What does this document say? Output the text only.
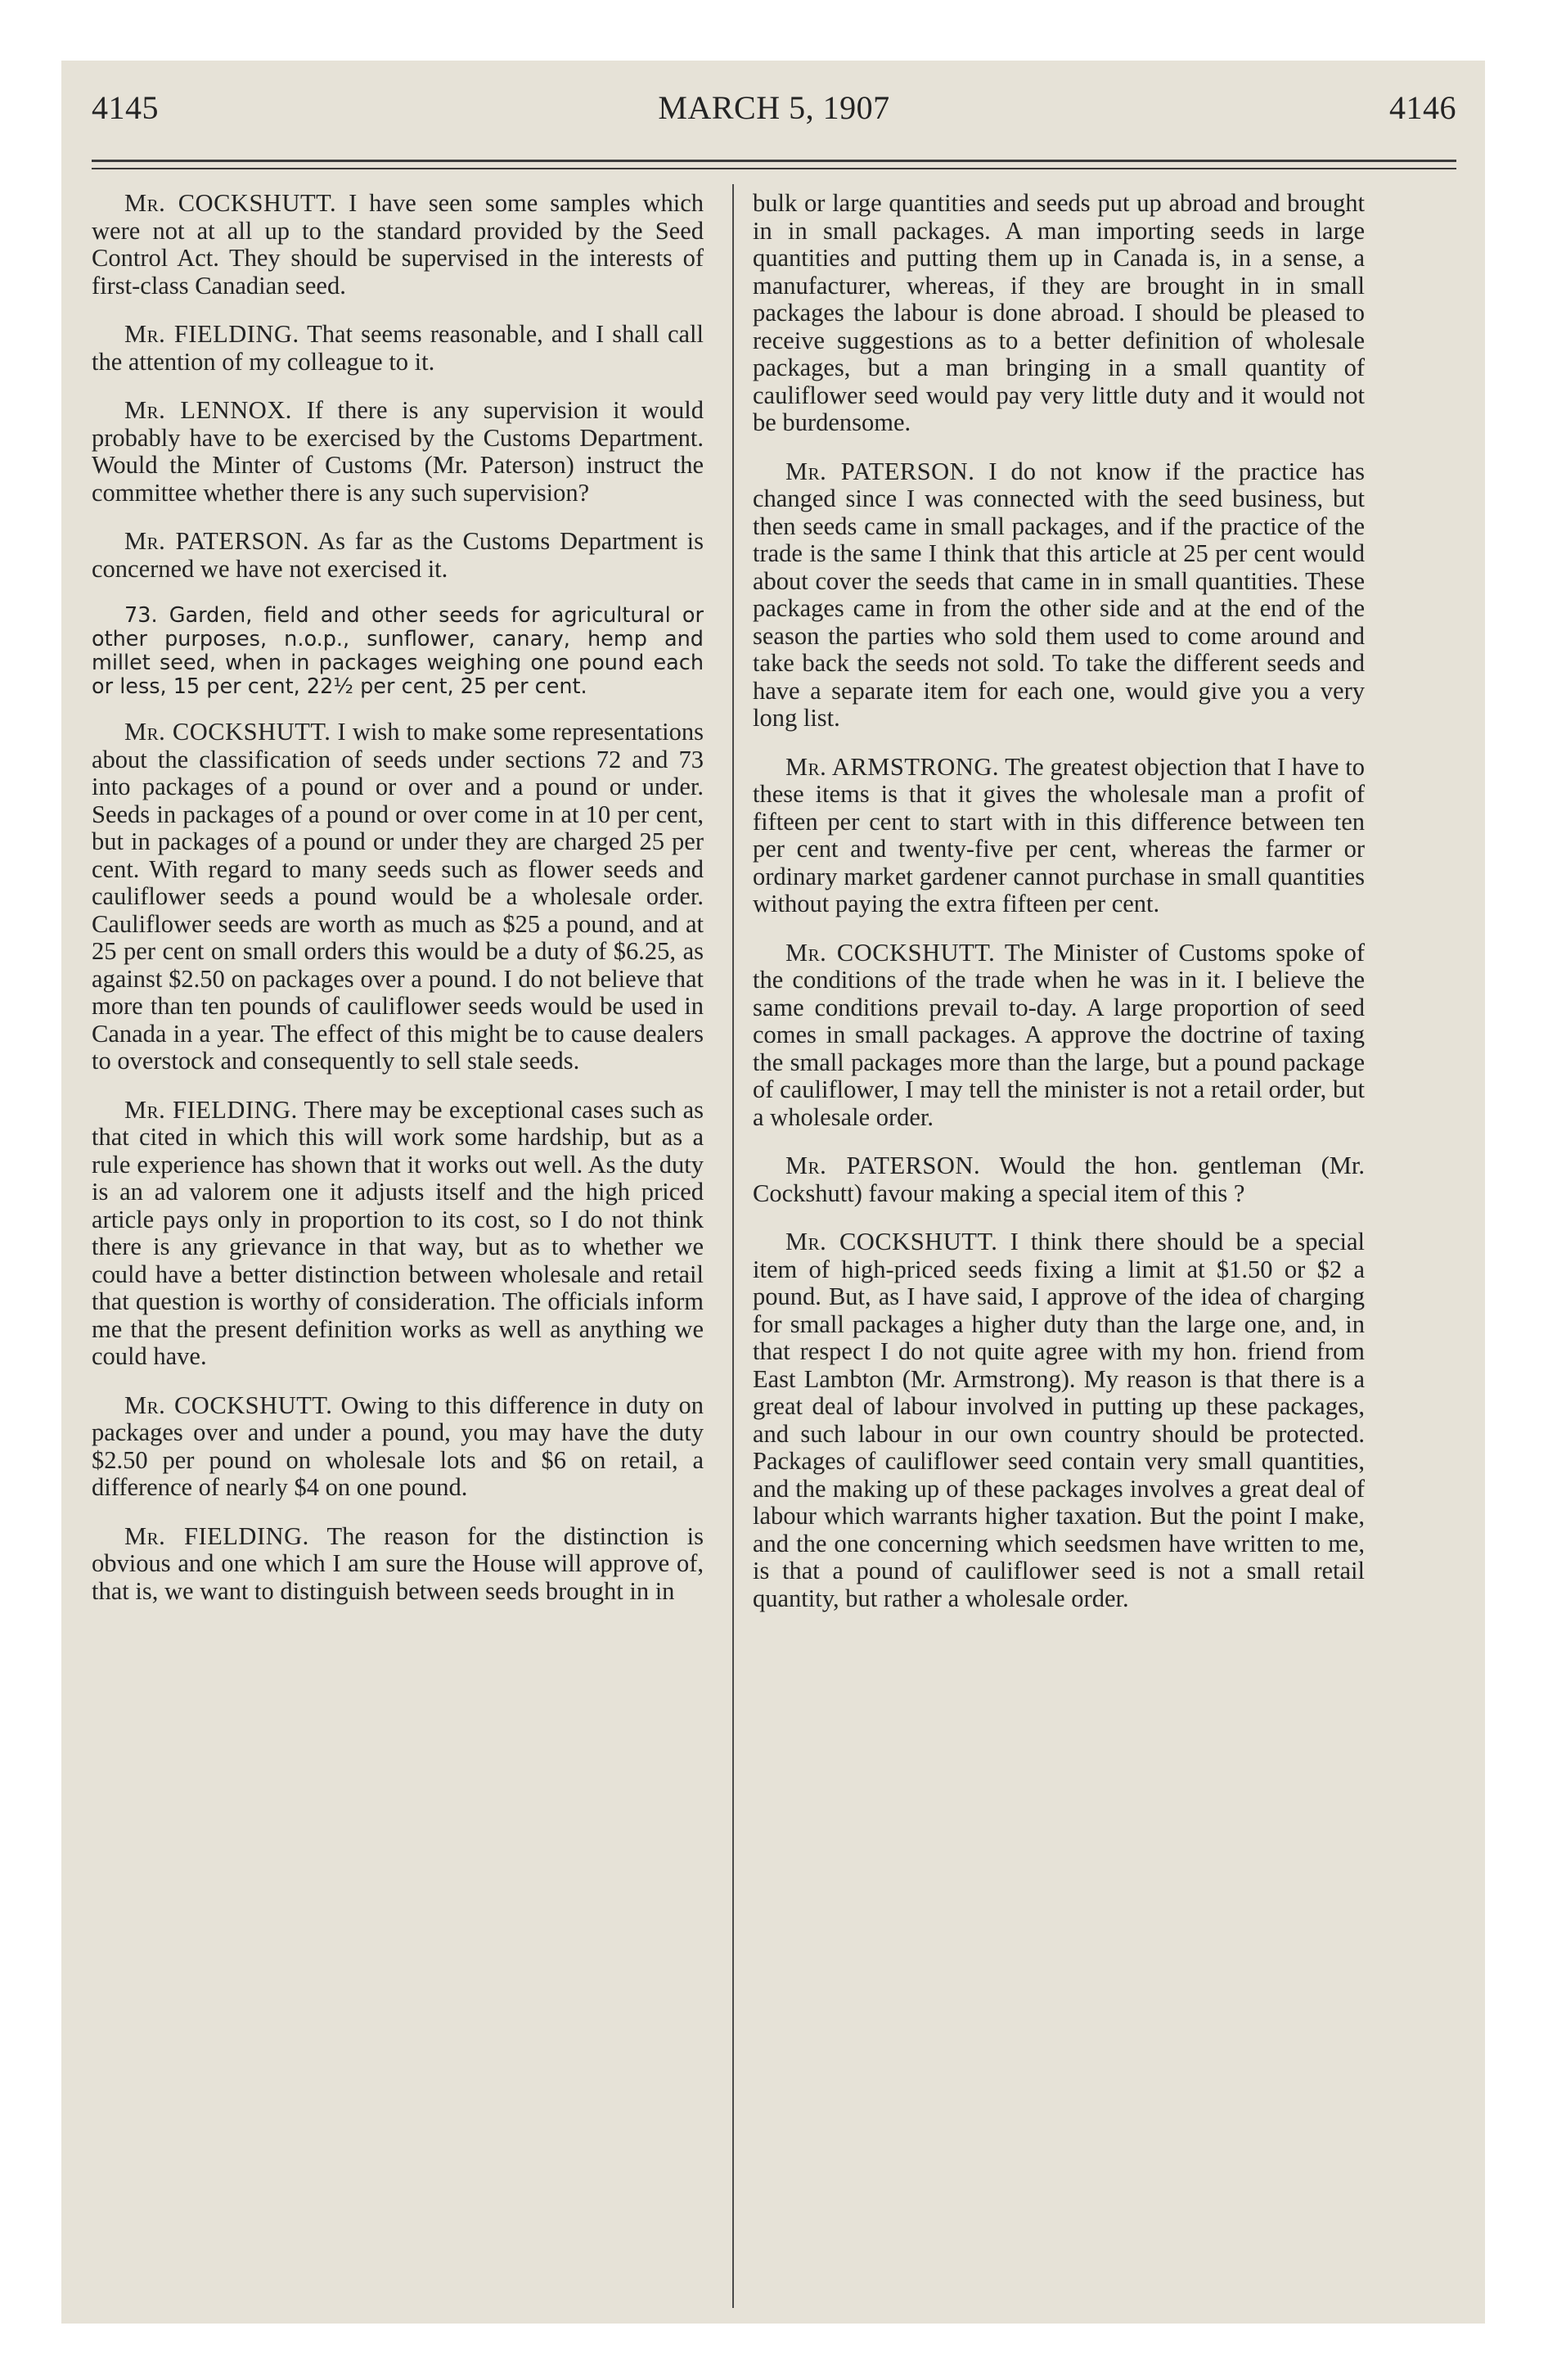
4145	MARCH 5, 1907	4146

Mr. COCKSHUTT. I have seen some samples which were not at all up to the standard provided by the Seed Control Act. They should be supervised in the interests of first-class Canadian seed.

Mr. FIELDING. That seems reasonable, and I shall call the attention of my colleague to it.

Mr. LENNOX. If there is any supervision it would probably have to be exercised by the Customs Department. Would the Minter of Customs (Mr. Paterson) instruct the committee whether there is any such supervision?

Mr. PATERSON. As far as the Customs Department is concerned we have not exercised it.

73. Garden, field and other seeds for agricultural or other purposes, n.o.p., sunflower, canary, hemp and millet seed, when in packages weighing one pound each or less, 15 per cent, 22½ per cent, 25 per cent.

Mr. COCKSHUTT. I wish to make some representations about the classification of seeds under sections 72 and 73 into packages of a pound or over and a pound or under. Seeds in packages of a pound or over come in at 10 per cent, but in packages of a pound or under they are charged 25 per cent. With regard to many seeds such as flower seeds and cauliflower seeds a pound would be a wholesale order. Cauliflower seeds are worth as much as $25 a pound, and at 25 per cent on small orders this would be a duty of $6.25, as against $2.50 on packages over a pound. I do not believe that more than ten pounds of cauliflower seeds would be used in Canada in a year. The effect of this might be to cause dealers to overstock and consequently to sell stale seeds.

Mr. FIELDING. There may be exceptional cases such as that cited in which this will work some hardship, but as a rule experience has shown that it works out well. As the duty is an ad valorem one it adjusts itself and the high priced article pays only in proportion to its cost, so I do not think there is any grievance in that way, but as to whether we could have a better distinction between wholesale and retail that question is worthy of consideration. The officials inform me that the present definition works as well as anything we could have.

Mr. COCKSHUTT. Owing to this difference in duty on packages over and under a pound, you may have the duty $2.50 per pound on wholesale lots and $6 on retail, a difference of nearly $4 on one pound.

Mr. FIELDING. The reason for the distinction is obvious and one which I am sure the House will approve of, that is, we want to distinguish between seeds brought in in

bulk or large quantities and seeds put up abroad and brought in in small packages. A man importing seeds in large quantities and putting them up in Canada is, in a sense, a manufacturer, whereas, if they are brought in in small packages the labour is done abroad. I should be pleased to receive suggestions as to a better definition of wholesale packages, but a man bringing in a small quantity of cauliflower seed would pay very little duty and it would not be burdensome.

Mr. PATERSON. I do not know if the practice has changed since I was connected with the seed business, but then seeds came in small packages, and if the practice of the trade is the same I think that this article at 25 per cent would about cover the seeds that came in in small quantities. These packages came in from the other side and at the end of the season the parties who sold them used to come around and take back the seeds not sold. To take the different seeds and have a separate item for each one, would give you a very long list.

Mr. ARMSTRONG. The greatest objection that I have to these items is that it gives the wholesale man a profit of fifteen per cent to start with in this difference between ten per cent and twenty-five per cent, whereas the farmer or ordinary market gardener cannot purchase in small quantities without paying the extra fifteen per cent.

Mr. COCKSHUTT. The Minister of Customs spoke of the conditions of the trade when he was in it. I believe the same conditions prevail to-day. A large proportion of seed comes in small packages. A approve the doctrine of taxing the small packages more than the large, but a pound package of cauliflower, I may tell the minister is not a retail order, but a wholesale order.

Mr. PATERSON. Would the hon. gentleman (Mr. Cockshutt) favour making a special item of this ?

Mr. COCKSHUTT. I think there should be a special item of high-priced seeds fixing a limit at $1.50 or $2 a pound. But, as I have said, I approve of the idea of charging for small packages a higher duty than the large one, and, in that respect I do not quite agree with my hon. friend from East Lambton (Mr. Armstrong). My reason is that there is a great deal of labour involved in putting up these packages, and such labour in our own country should be protected. Packages of cauliflower seed contain very small quantities, and the making up of these packages involves a great deal of labour which warrants higher taxation. But the point I make, and the one concerning which seedsmen have written to me, is that a pound of cauliflower seed is not a small retail quantity, but rather a wholesale order.
